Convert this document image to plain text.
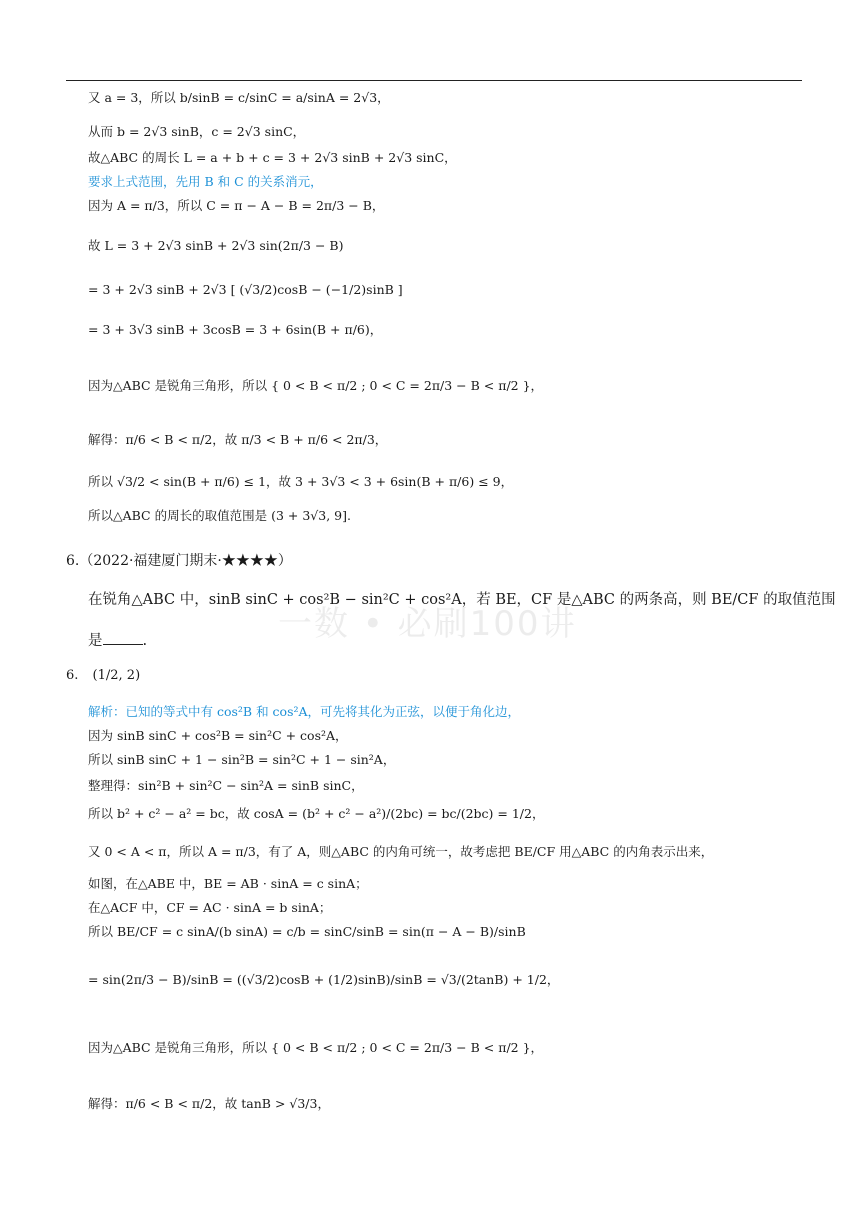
又 a = 3，所以 b/sinB = c/sinC = a/sinA = 2√3，
从而 b = 2√3 sinB，c = 2√3 sinC，
故△ABC 的周长 L = a + b + c = 3 + 2√3 sinB + 2√3 sinC，
要求上式范围，先用 B 和 C 的关系消元，
因为 A = π/3，所以 C = π − A − B = 2π/3 − B，
故 L = 3 + 2√3 sinB + 2√3 sin(2π/3 − B)
= 3 + 2√3 sinB + 2√3 [ (√3/2)cosB − (−1/2)sinB ]
= 3 + 3√3 sinB + 3cosB = 3 + 6sin(B + π/6)，
因为△ABC 是锐角三角形，所以 { 0 < B < π/2 ; 0 < C = 2π/3 − B < π/2 }，
解得：π/6 < B < π/2，故 π/3 < B + π/6 < 2π/3，
所以 √3/2 < sin(B + π/6) ≤ 1，故 3 + 3√3 < 3 + 6sin(B + π/6) ≤ 9，
所以△ABC 的周长的取值范围是 (3 + 3√3, 9].
6.（2022·福建厦门期末·★★★★）
一数 • 必刷100讲
在锐角△ABC 中，sinB sinC + cos²B − sin²C + cos²A，若 BE，CF 是△ABC 的两条高，则 BE/CF 的取值范围
是	.
6. (1/2, 2)
解析：已知的等式中有 cos²B 和 cos²A，可先将其化为正弦，以便于角化边，
因为 sinB sinC + cos²B = sin²C + cos²A，
所以 sinB sinC + 1 − sin²B = sin²C + 1 − sin²A，
整理得：sin²B + sin²C − sin²A = sinB sinC，
所以 b² + c² − a² = bc，故 cosA = (b² + c² − a²)/(2bc) = bc/(2bc) = 1/2，
又 0 < A < π，所以 A = π/3，有了 A，则△ABC 的内角可统一，故考虑把 BE/CF 用△ABC 的内角表示出来，
如图，在△ABE 中，BE = AB · sinA = c sinA；
在△ACF 中，CF = AC · sinA = b sinA；
所以 BE/CF = c sinA/(b sinA) = c/b = sinC/sinB = sin(π − A − B)/sinB
= sin(2π/3 − B)/sinB = ((√3/2)cosB + (1/2)sinB)/sinB = √3/(2tanB) + 1/2，
因为△ABC 是锐角三角形，所以 { 0 < B < π/2 ; 0 < C = 2π/3 − B < π/2 }，
解得：π/6 < B < π/2，故 tanB > √3/3，
